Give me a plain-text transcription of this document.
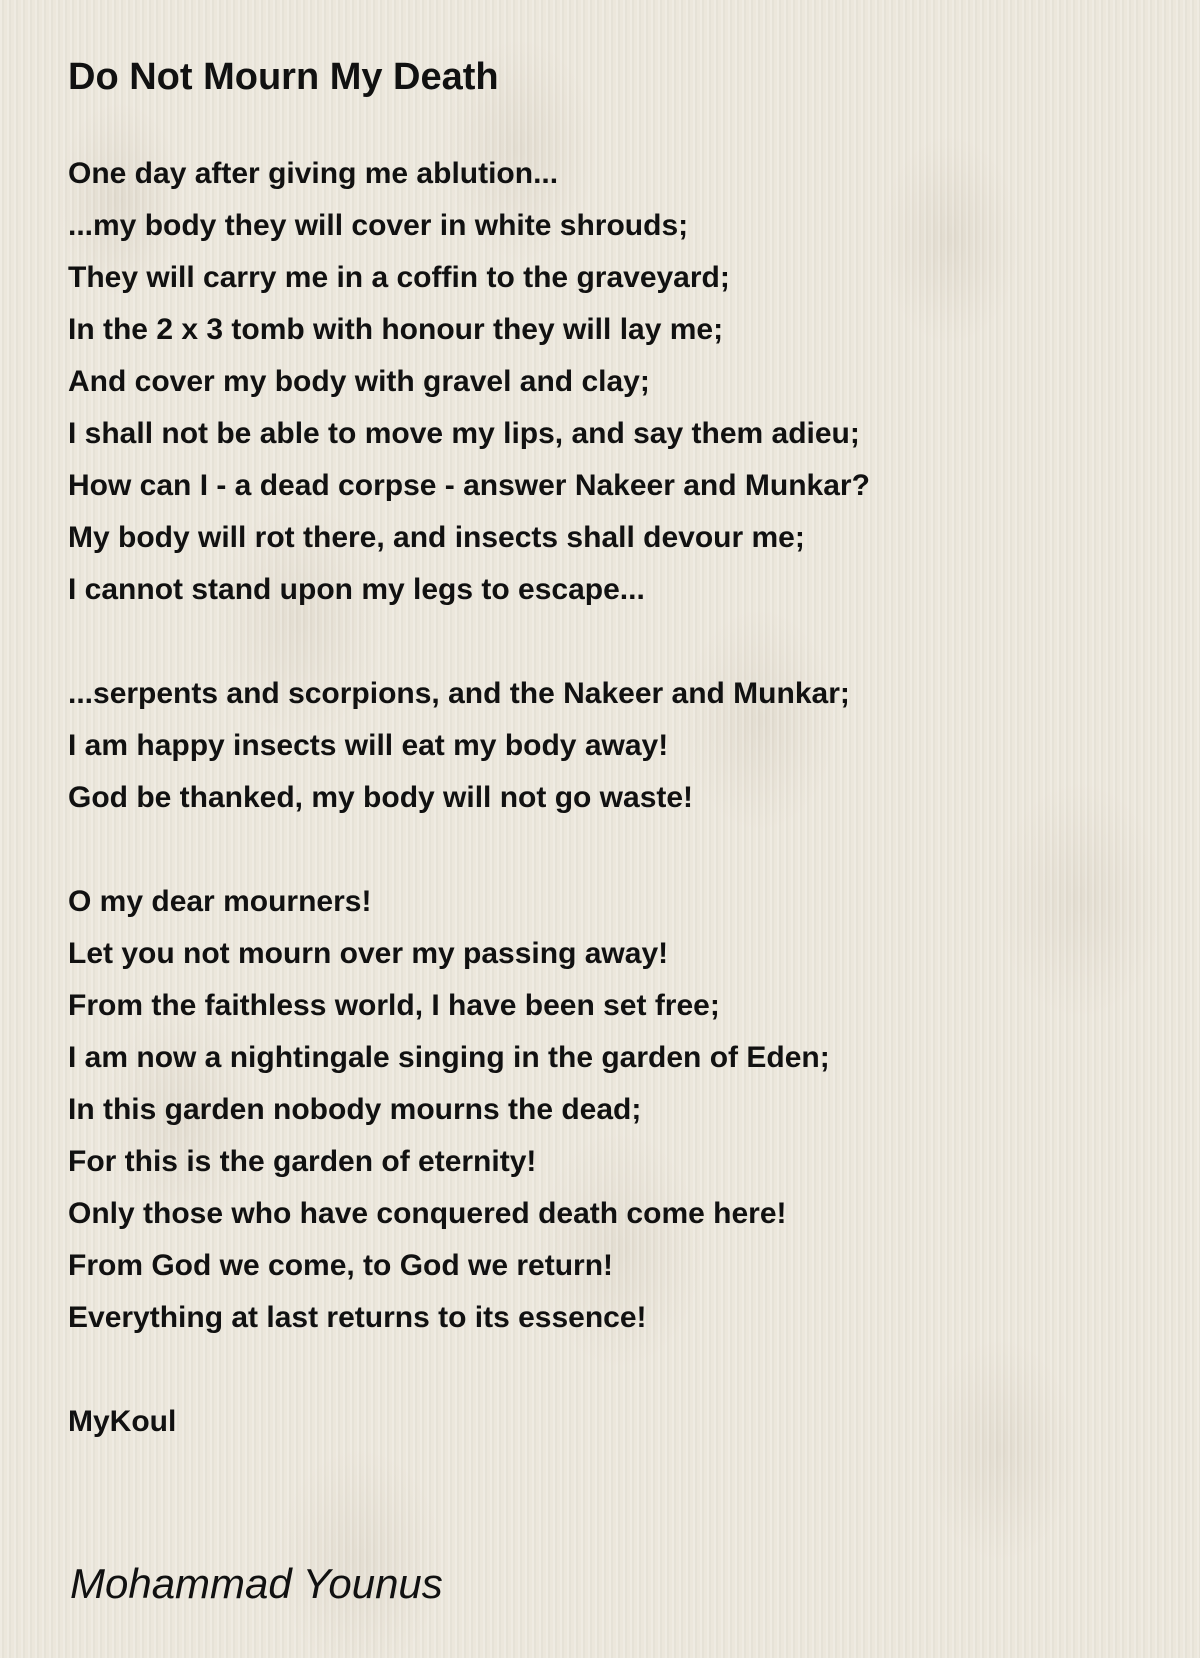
Do Not Mourn My Death
One day after giving me ablution...
...my body they will cover in white shrouds;
They will carry me in a coffin to the graveyard;
In the 2 x 3 tomb with honour they will lay me;
And cover my body with gravel and clay;
I shall not be able to move my lips, and say them adieu;
How can I - a dead corpse - answer Nakeer and Munkar?
My body will rot there, and insects shall devour me;
I cannot stand upon my legs to escape...
...serpents and scorpions, and the Nakeer and Munkar;
I am happy insects will eat my body away!
God be thanked, my body will not go waste!
O my dear mourners!
Let you not mourn over my passing away!
From the faithless world, I have been set free;
I am now a nightingale singing in the garden of Eden;
In this garden nobody mourns the dead;
For this is the garden of eternity!
Only those who have conquered death come here!
From God we come, to God we return!
Everything at last returns to its essence!
MyKoul
Mohammad Younus
